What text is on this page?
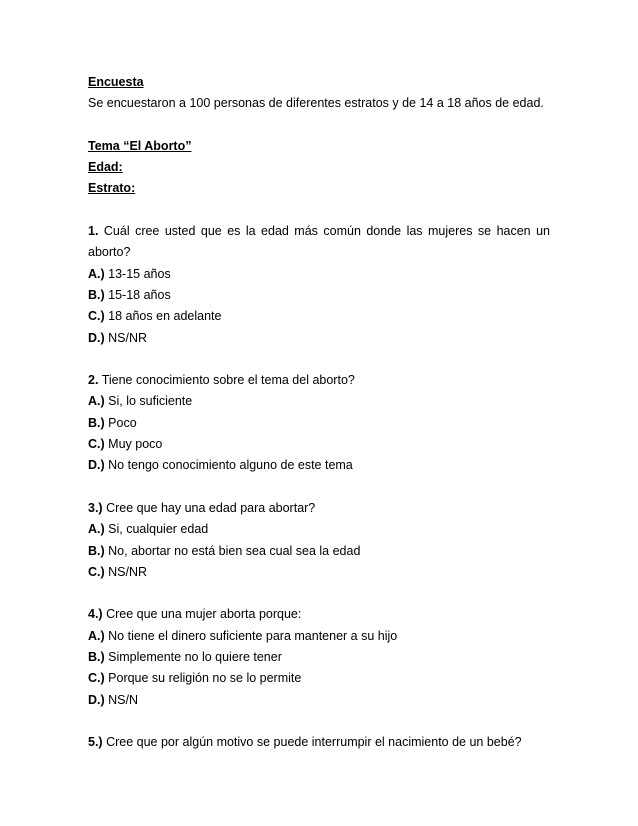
Encuesta

Se encuestaron a 100 personas de diferentes estratos y de 14 a 18 años de edad.

Tema “El Aborto”

Edad:

Estrato:

1. Cuál cree usted que es la edad más común donde las mujeres se hacen un

aborto?

A.) 13-15 años

B.) 15-18 años

C.) 18 años en adelante

D.) NS/NR

2. Tiene conocimiento sobre el tema del aborto?

A.) Si, lo suficiente

B.) Poco

C.) Muy poco

D.) No tengo conocimiento alguno de este tema

3.) Cree que hay una edad para abortar?

A.) Si, cualquier edad

B.) No, abortar no está bien sea cual sea la edad

C.) NS/NR

4.) Cree que una mujer aborta porque:

A.) No tiene el dinero suficiente para mantener a su hijo

B.) Simplemente no lo quiere tener

C.) Porque su religión no se lo permite

D.) NS/N

5.) Cree que por algún motivo se puede interrumpir el nacimiento de un bebé?
